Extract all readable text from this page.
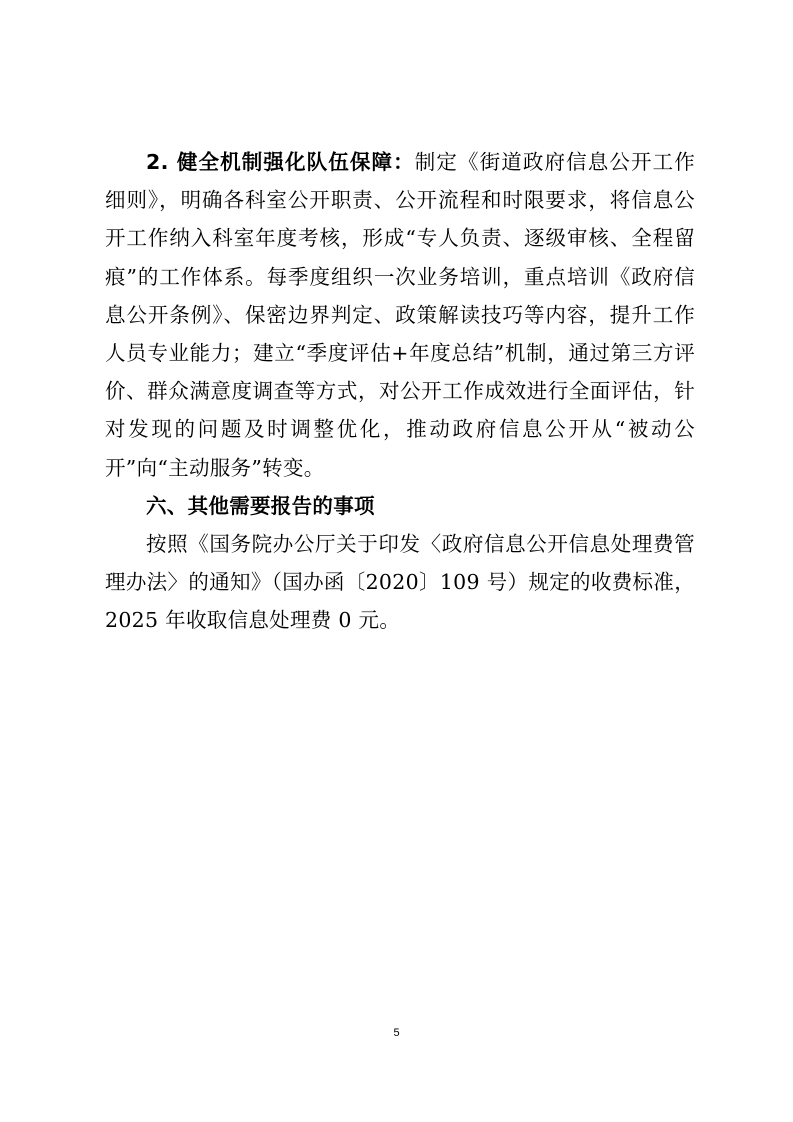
2. 健全机制强化队伍保障：制定《街道政府信息公开工作细则》，明确各科室公开职责、公开流程和时限要求，将信息公开工作纳入科室年度考核，形成“专人负责、逐级审核、全程留痕”的工作体系。每季度组织一次业务培训，重点培训《政府信息公开条例》、保密边界判定、政策解读技巧等内容，提升工作人员专业能力；建立“季度评估+年度总结”机制，通过第三方评价、群众满意度调查等方式，对公开工作成效进行全面评估，针对发现的问题及时调整优化，推动政府信息公开从“被动公开”向“主动服务”转变。

六、其他需要报告的事项

按照《国务院办公厅关于印发〈政府信息公开信息处理费管理办法〉的通知》（国办函〔2020〕109 号）规定的收费标准，2025 年收取信息处理费 0 元。

5
